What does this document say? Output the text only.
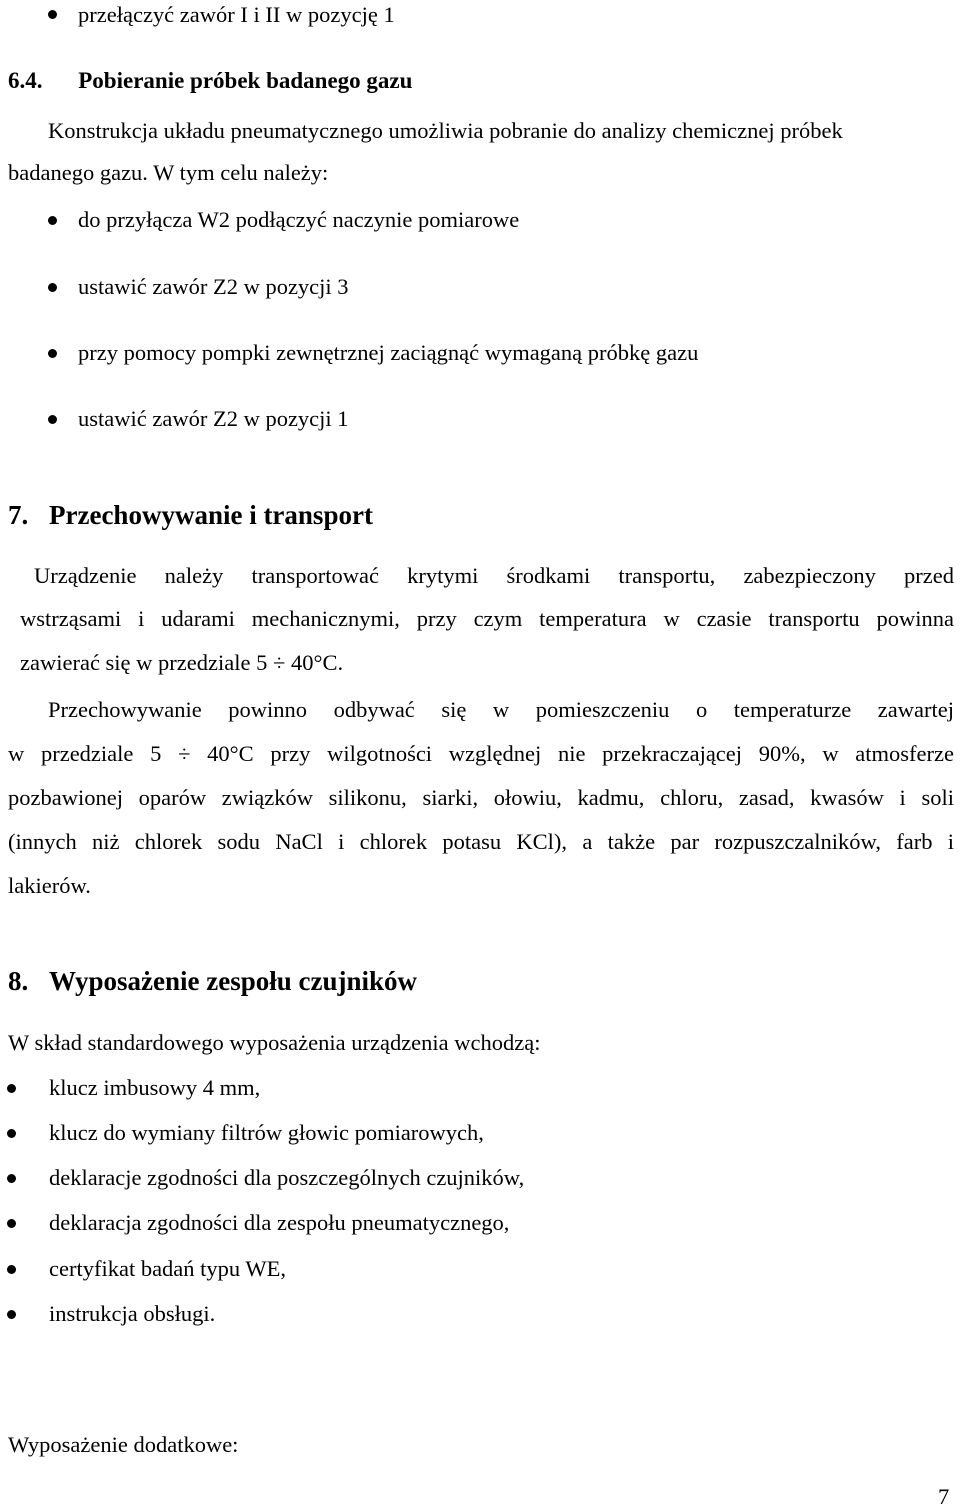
przełączyć zawór I i II w pozycję 1
6.4. Pobieranie próbek badanego gazu
Konstrukcja układu pneumatycznego umożliwia pobranie do analizy chemicznej próbek
badanego gazu. W tym celu należy:
do przyłącza W2 podłączyć naczynie pomiarowe
ustawić zawór Z2 w pozycji 3
przy pomocy pompki zewnętrznej zaciągnąć wymaganą próbkę gazu
ustawić zawór Z2 w pozycji 1
7. Przechowywanie i transport
Urządzenie należy transportować krytymi środkami transportu, zabezpieczony przed
wstrząsami i udarami mechanicznymi, przy czym temperatura w czasie transportu powinna
zawierać się w przedziale 5 ÷ 40°C.
Przechowywanie powinno odbywać się w pomieszczeniu o temperaturze zawartej
w przedziale 5 ÷ 40°C przy wilgotności względnej nie przekraczającej 90%, w atmosferze
pozbawionej oparów związków silikonu, siarki, ołowiu, kadmu, chloru, zasad, kwasów i soli
(innych niż chlorek sodu NaCl i chlorek potasu KCl), a także par rozpuszczalników, farb i
lakierów.
8. Wyposażenie zespołu czujników
W skład standardowego wyposażenia urządzenia wchodzą:
klucz imbusowy 4 mm,
klucz do wymiany filtrów głowic pomiarowych,
deklaracje zgodności dla poszczególnych czujników,
deklaracja zgodności dla zespołu pneumatycznego,
certyfikat badań typu WE,
instrukcja obsługi.
Wyposażenie dodatkowe:
7
